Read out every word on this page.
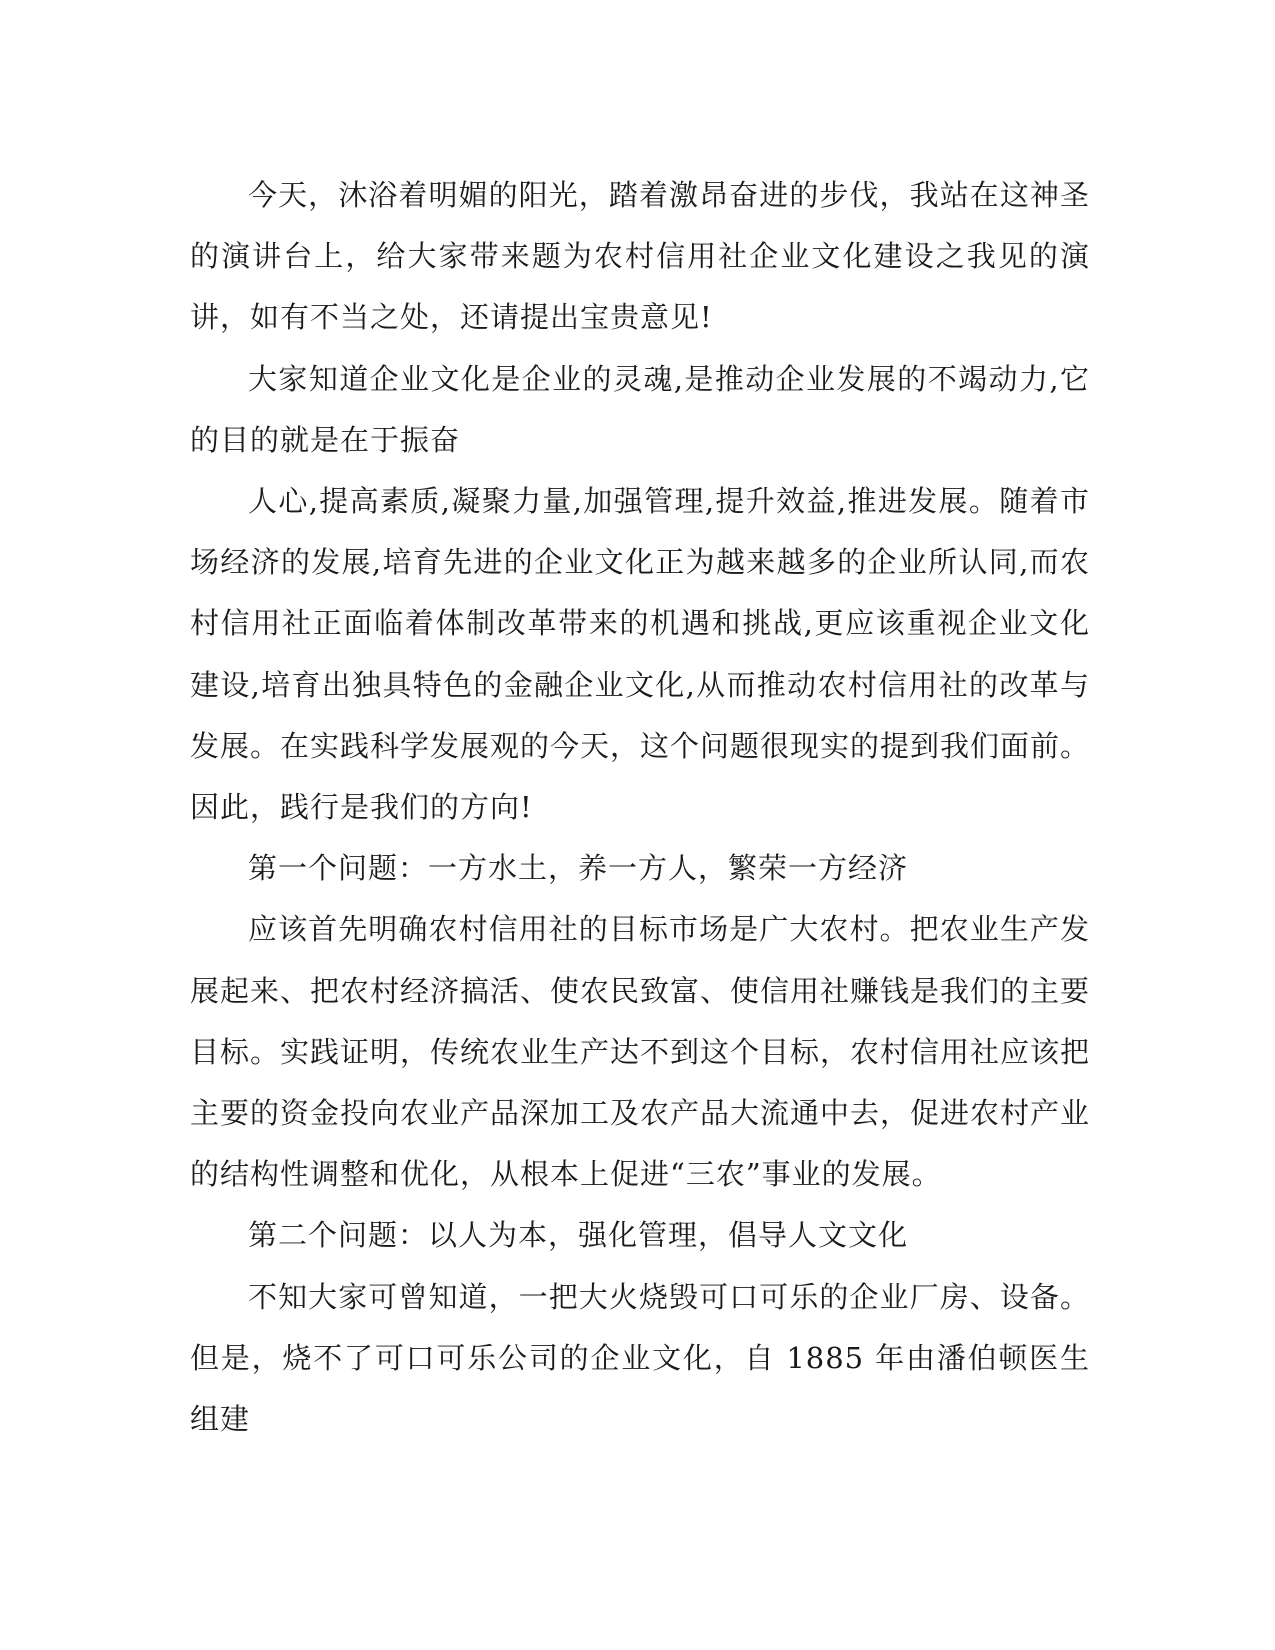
今天，沐浴着明媚的阳光，踏着激昂奋进的步伐，我站在这神圣的演讲台上，给大家带来题为农村信用社企业文化建设之我见的演讲，如有不当之处，还请提出宝贵意见!

大家知道企业文化是企业的灵魂,是推动企业发展的不竭动力,它的目的就是在于振奋

人心,提高素质,凝聚力量,加强管理,提升效益,推进发展。随着市场经济的发展,培育先进的企业文化正为越来越多的企业所认同,而农村信用社正面临着体制改革带来的机遇和挑战,更应该重视企业文化建设,培育出独具特色的金融企业文化,从而推动农村信用社的改革与发展。在实践科学发展观的今天，这个问题很现实的提到我们面前。因此，践行是我们的方向!

第一个问题：一方水土，养一方人，繁荣一方经济

应该首先明确农村信用社的目标市场是广大农村。把农业生产发展起来、把农村经济搞活、使农民致富、使信用社赚钱是我们的主要目标。实践证明，传统农业生产达不到这个目标，农村信用社应该把主要的资金投向农业产品深加工及农产品大流通中去，促进农村产业的结构性调整和优化，从根本上促进“三农”事业的发展。

第二个问题：以人为本，强化管理，倡导人文文化

不知大家可曾知道，一把大火烧毁可口可乐的企业厂房、设备。但是，烧不了可口可乐公司的企业文化，自 1885 年由潘伯顿医生组建
